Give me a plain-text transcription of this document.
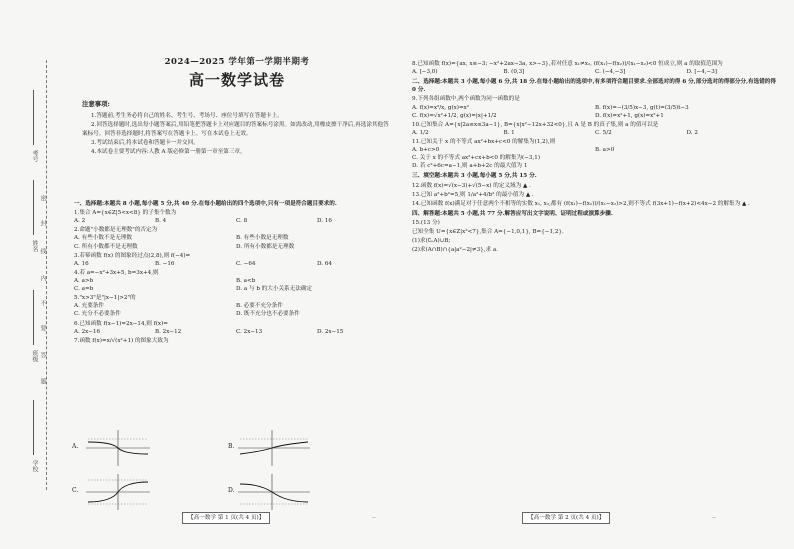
考号
姓名
班级
学校
密
封
线
内
不
要
答
题
2024—2025 学年第一学期半期考
高一数学试卷
注意事项:

1.答题前,考生务必将自己的姓名、考生号、考场号、座位号填写在答题卡上。

2.回答选择题时,选出每小题答案后,用铅笔把答题卡上对应题目的答案标号涂黑。如需改动,用橡皮擦干净后,再选涂其他答案标号。回答非选择题时,将答案写在答题卡上。写在本试卷上无效。

3.考试结束后,将本试卷和答题卡一并交回。

4.本试卷主要考试内容:人教 A 版必修第一册第一章至第三章。

一、选择题:本题共 8 小题,每小题 5 分,共 40 分.在每小题给出的四个选项中,只有一项是符合题目要求的.
1.集合 A={x∈Z|5<x<8} 的子集个数为
A. 2	B. 4	C. 8	D. 16
2.命题"小数都是无理数"的否定为
A. 有些小数不是无理数	B. 有些小数是无理数
C. 所有小数都不是无理数	D. 所有小数都是无理数
3.若幂函数 f(x) 的图象经过点(2,8),则 f(−4)=
A. 16	B. −16	C. −64	D. 64
4.若 a=−x²+3x+5, b=3x+4,则
A. a>b	B. a<b
C. a=b	D. a 与 b 的大小关系无法确定
5."x>3"是"|x−1|>2"的
A. 充要条件	B. 必要不充分条件
C. 充分不必要条件	D. 既不充分也不必要条件
6.已知函数 f(x−1)=2x−14,则 f(x)=
A. 2x−16	B. 2x−12	C. 2x−13	D. 2x−15
7.函数 f(x)=x/√(x²+1) 的图象大致为
A.	B.
C.	D.
【高一数学 第 1 页(共 4 页)】	··
8.已知函数 f(x)={ax, x≤−3; −x²+2ax−3a, x>−3},若对任意 x₁≠x₂, (f(x₁)−f(x₂))/(x₁−x₂)<0 恒成立,则 a 的取值范围为
A. [−3,0)	B. (0,3]	C. (−4,−3]	D. [−4,−3]
二、选择题:本题共 3 小题,每小题 6 分,共 18 分.在每小题给出的选项中,有多项符合题目要求.全部选对的得 6 分,部分选对的得部分分,有选错的得 0 分.
9.下列各组函数中,两个函数为同一函数的是
A. f(x)=x³/x, g(x)=x²	B. f(x)=−(3/5)x−3, g(t)=(3/5)t−3
C. f(x)=√x²+1/2, g(x)=|x|+1/2	D. f(x)=x²+1, g(x)=x²+1
10.已知集合 A={x|2a≤x≤3a−1}, B={x|x²−12x+32<0},且 A 是 B 的真子集,则 a 的值可以是
A. 1/2	B. 1	C. 5/2	D. 2
11.已知关于 x 的不等式 ax²+bx+c<0 的解集为(1,2),则
A. b+c>0	B. a>0
C. 关于 x 的不等式 ax²+cx+b<0 的解集为(−3,1)
D. 若 c²+6c=a−1,则 a+b+2c 的最大值为 1
三、填空题:本题共 3 小题,每小题 5 分,共 15 分.
12.函数 f(x)=√(x−3)+√(5−x) 的定义域为 ▲ .
13.已知 a²+b²=5,则 1/a²+4/b² 的最小值为 ▲ .
14.已知函数 f(x)满足对于任意两个不相等的实数 x₁, x₂,都有 (f(x₁)−f(x₂))/(x₁−x₂)>2,则不等式 f(3x+1)−f(x+2)<4x−2 的解集为 ▲ .
四、解答题:本题共 5 小题,共 77 分.解答应写出文字说明、证明过程或演算步骤.
15.(13 分)
已知全集 U={x∈Z|x²<7},集合 A={−1,0,1}, B={−1,2}.
(1)求(∁ᵤA)∪B;
(2)求(A∩B)∩{a|a²−2|≠3},求 a.
【高一数学 第 2 页(共 4 页)】	··
